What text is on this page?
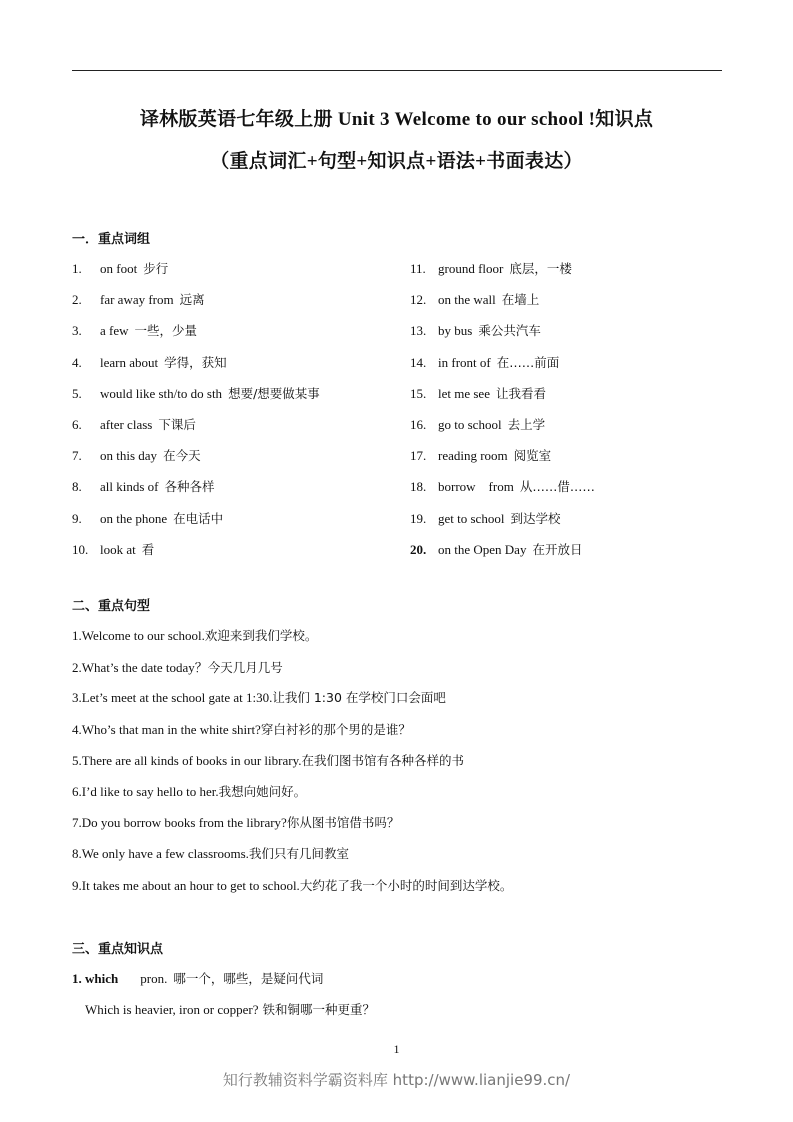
译林版英语七年级上册 Unit 3 Welcome to our school !知识点
（重点词汇+句型+知识点+语法+书面表达）
一．重点词组
1. on foot 步行
2. far away from 远离
3. a few 一些，少量
4. learn about 学得，获知
5. would like sth/to do sth 想要/想要做某事
6. after class 下课后
7. on this day 在今天
8. all kinds of 各种各样
9. on the phone 在电话中
10. look at 看
11. ground floor 底层，一楼
12. on the wall 在墙上
13. by bus 乘公共汽车
14. in front of 在……前面
15. let me see 让我看看
16. go to school 去上学
17. reading room 阅览室
18. borrow    from 从……借……
19. get to school 到达学校
20. on the Open Day 在开放日
二、重点句型
1.Welcome to our school.欢迎来到我们学校。
2.What’s the date today？今天几月几号
3.Let’s meet at the school gate at 1:30.让我们 1:30 在学校门口会面吧
4.Who’s that man in the white shirt?穿白衬衫的那个男的是谁？
5.There are all kinds of books in our library.在我们图书馆有各种各样的书
6.I’d like to say hello to her.我想向她问好。
7.Do you borrow books from the library?你从图书馆借书吗？
8.We only have a few classrooms.我们只有几间教室
9.It takes me about an hour to get to school.大约花了我一个小时的时间到达学校。
三、重点知识点
1. which pron. 哪一个，哪些，是疑问代词
Which is heavier, iron or copper? 铁和铜哪一种更重？
1
知行教辅资料学霸资料库 http://www.lianjie99.cn/
